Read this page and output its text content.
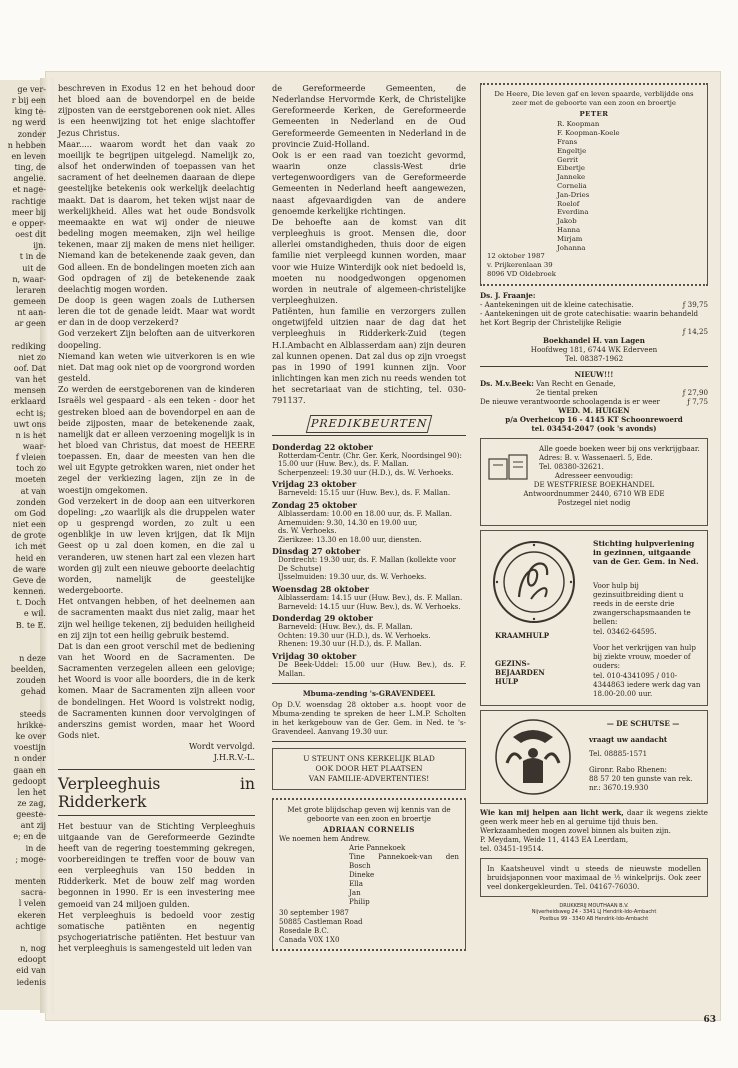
ge ver-

r bij een

king te-

ng werd

zonder

n hebben

en leven

ting, de

angelie.

et nage-

rachtige

meer bij

e opper-

oest dit

ijn.

t in de

uit de

n, waar-

leraren

gemeen

nt aan-

ar geen

rediking

niet zo

oof. Dat

van het

mensen

erklaard

echt is;

uwt ons

n is het

waar-

f vleien

toch zo

moeten

at van

zonden

om God

niet een

de grote

ich met

heid en

de ware

Geve de

kennen.

t. Doch

e wil.

B. te E.

n deze

beelden,

zouden

gehad

steeds

hrikke-

ke over

voestijn

n onder

gaan en

gedoopt

len het

ze zag,

geeste-

ant zij

e; en de

in de

; moge-

menten

sacra-

l velen

ekeren

achtige

n, nog

edoopt

eid van

iedenis

beschreven in Exodus 12 en het behoud door het bloed aan de bovendorpel en de beide zijposten van de eerstgeborenen ook niet. Alles is een heenwijzing tot het enige slachtoffer Jezus Christus.

Maar..... waarom wordt het dan vaak zo moeilijk te begrijpen uitgelegd. Namelijk zo, alsof het onderwinden of toepassen van het sacrament of het deelnemen daaraan de diepe geestelijke betekenis ook werkelijk deelachtig maakt. Dat is daarom, het teken wijst naar de werkelijkheid. Alles wat het oude Bondsvolk meemaakte en wat wij onder de nieuwe bedeling mogen meemaken, zijn wel heilige tekenen, maar zij maken de mens niet heiliger. Niemand kan de betekenende zaak geven, dan God alleen. En de bondelingen moeten zich aan God opdragen of zij de betekenende zaak deelachtig mogen worden.

De doop is geen wagen zoals de Luthersen leren die tot de genade leidt. Maar wat wordt er dan in de doop verzekerd?

God verzekert Zijn beloften aan de uitverkoren doopeling.

Niemand kan weten wie uitverkoren is en wie niet. Dat mag ook niet op de voorgrond worden gesteld.

Zo werden de eerstgeborenen van de kinderen Israëls wel gespaard - als een teken - door het gestreken bloed aan de bovendorpel en aan de beide zijposten, maar de betekenende zaak, namelijk dat er alleen verzoening mogelijk is in het bloed van Christus, dat moest de HEERE toepassen. En, daar de meesten van hen die wel uit Egypte getrokken waren, niet onder het zegel der verkiezing lagen, zijn ze in de woestijn omgekomen.

God verzekert in de doop aan een uitverkoren dopeling: „zo waarlijk als die druppelen water op u gesprengd worden, zo zult u een ogenblikje in uw leven krijgen, dat Ik Mijn Geest op u zal doen komen, en die zal u veranderen, uw stenen hart zal een vlezen hart worden gij zult een nieuwe geboorte deelachtig worden, namelijk de geestelijke wedergeboorte.

Het ontvangen hebben, of het deelnemen aan de sacramenten maakt dus niet zalig, maar het zijn wel heilige tekenen, zij beduiden heiligheid en zij zijn tot een heilig gebruik bestemd.

Dat is dan een groot verschil met de bediening van het Woord en de Sacramenten. De Sacramenten verzegelen alleen een gelovige; het Woord is voor alle boorders, die in de kerk komen. Maar de Sacramenten zijn alleen voor de bondelingen. Het Woord is volstrekt nodig, de Sacramenten kunnen door vervolgingen of anderszins gemist worden, maar het Woord Gods niet.

Wordt vervolgd.

J.H.R.V.-L.

Verpleeghuis in Ridderkerk

Het bestuur van de Stichting Verpleeghuis uitgaande van de Gereformeerde Gezindte heeft van de regering toestemming gekregen, voorbereidingen te treffen voor de bouw van een verpleeghuis van 150 bedden in Ridderkerk. Met de bouw zelf mag worden begonnen in 1990. Er is een investering mee gemoeid van 24 miljoen gulden.

Het verpleeghuis is bedoeld voor zestig somatische patiënten en negentig psychogeriatrische patiënten. Het bestuur van het verpleeghuis is samengesteld uit leden van

de Gereformeerde Gemeenten, de Nederlandse Hervormde Kerk, de Christelijke Gereformeerde Kerken, de Gereformeerde Gemeenten in Nederland en de Oud Gereformeerde Gemeenten in Nederland in de provincie Zuid-Holland.

Ook is er een raad van toezicht gevormd, waarin onze classis-West drie vertegenwoordigers van de Gereformeerde Gemeenten in Nederland heeft aangewezen, naast afgevaardigden van de andere genoemde kerkelijke richtingen.

De behoefte aan de komst van dit verpleeghuis is groot. Mensen die, door allerlei omstandigheden, thuis door de eigen familie niet verpleegd kunnen worden, maar voor wie Huize Winterdijk ook niet bedoeld is, moeten nu noodgedwongen opgenomen worden in neutrale of algemeen-christelijke verpleeghuizen.

Patiënten, hun familie en verzorgers zullen ongetwijfeld uitzien naar de dag dat het verpleeghuis in Ridderkerk-Zuid (tegen H.I.Ambacht en Alblasserdam aan) zijn deuren zal kunnen openen. Dat zal dus op zijn vroegst pas in 1990 of 1991 kunnen zijn. Voor inlichtingen kan men zich nu reeds wenden tot het secretariaat van de stichting, tel. 030-791137.

PREDIKBEURTEN
Donderdag 22 oktober
Rotterdam-Centr. (Chr. Ger. Kerk, Noordsingel 90):
15.00 uur (Huw. Bev.), ds. F. Mallan.
Scherpenzeel: 19.30 uur (H.D.), ds. W. Verhoeks.
Vrijdag 23 oktober
Barneveld: 15.15 uur (Huw. Bev.), ds. F. Mallan.
Zondag 25 oktober
Alblasserdam: 10.00 en 18.00 uur, ds. F. Mallan.
Arnemuiden: 9.30, 14.30 en 19.00 uur,
ds. W. Verhoeks.
Zierikzee: 13.30 en 18.00 uur, diensten.
Dinsdag 27 oktober
Dordrecht: 19.30 uur, ds. F. Mallan (kollekte voor
De Schutse)
IJsselmuiden: 19.30 uur, ds. W. Verhoeks.
Woensdag 28 oktober
Alblasserdam: 14.15 uur (Huw. Bev.), ds. F. Mallan.
Barneveld: 14.15 uur (Huw. Bev.), ds. W. Verhoeks.
Donderdag 29 oktober
Barneveld: (Huw. Bev.), ds. F. Mallan.
Ochten: 19.30 uur (H.D.), ds. W. Verhoeks.
Rhenen: 19.30 uur (H.D.), ds. F. Mallan.
Vrijdag 30 oktober
De Beek-Uddel: 15.00 uur (Huw. Bev.), ds. F. Mallan.
Mbuma-zending 's-GRAVENDEEL
Op D.V. woensdag 28 oktober a.s. hoopt voor de Mbuma-zending te spreken de heer L.M.P. Scholten in het kerkgebouw van de Ger. Gem. in Ned. te 's-Gravendeel. Aanvang 19.30 uur.
U STEUNT ONS KERKELIJK BLAD
OOK DOOR HET PLAATSEN
VAN FAMILIE-ADVERTENTIES!
Met grote blijdschap geven wij kennis van de geboorte van een zoon en broertje
ADRIAAN CORNELIS
We noemen hem Andrew.
Arie Pannekoek
Tine Pannekoek-van den Bosch
Dineke
Ella
Jan
Philip
30 september 1987
50885 Castleman Road
Rosedale B.C.
Canada V0X 1X0
De Heere, Die leven gaf en leven spaarde, verblijdde ons zeer met de geboorte van een zoon en broertje
PETER
R. Koopman
F. Koopman-Koele
Frans
Engeltje
Gerrit
Eibertje
Janneke
Cornelia
Jan-Dries
Roelof
Everdina
Jakob
Hanna
Mirjam
Johanna
12 oktober 1987
v. Prijkerenlaan 39
8096 VD Oldebroek
Ds. J. Fraanje:
- Aantekeningen uit de kleine catechisatie.	ƒ 39,75
- Aantekeningen uit de grote catechisatie: waarin behandeld het Kort Begrip der Christelijke Religie
ƒ 14,25
Boekhandel H. van Lagen
Hoofdweg 181, 6744 WK Ederveen
Tel. 08387-1962
NIEUW!!!
Ds. M.v.Beek: Van Recht en Genade,
2e tiental preken	ƒ 27,90
De nieuwe verantwoorde schoolagenda is er weer	ƒ 7,75
WED. M. HUIGEN
p/a Overheicop 16 - 4145 KT Schoonrewoerd
tel. 03454-2047 (ook 's avonds)
Alle goede boeken weer bij ons verkrijgbaar.
Adres: B. v. Wassenaerl. 5, Ede.
Tel. 08380-32621.
Adresseer eenvoudig:
DE WESTFRIESE BOEKHANDEL
Antwoordnummer 2440, 6710 WB EDE
Postzegel niet nodig
Stichting hulpverlening in gezinnen, uitgaande van de Ger. Gem. in Ned.
Voor hulp bij gezinsuitbreiding dient u reeds in de eerste drie zwangerschapsmaanden te bellen:
tel. 03462-64595.
KRAAMHULP
GEZINS-
BEJAARDEN
HULP
Voor het verkrijgen van hulp bij ziekte vrouw, moeder of ouders:
tel. 010-4341095 / 010-4344863 iedere werk dag van 18.00-20.00 uur.
— DE SCHUTSE —
vraagt uw aandacht
Tel. 08885-1571
Gironr. Rabo Rhenen:
88 57 20 ten gunste van rek. nr.: 3670.19.930
Wie kan mij helpen aan licht werk, daar ik wegens ziekte geen werk meer heb en al geruime tijd thuis ben.
Werkzaamheden mogen zowel binnen als buiten zijn.
P. Meydam, Weide 11, 4143 EA Leerdam,
tel. 03451-19514.
In Kaatsheuvel vindt u steeds de nieuwste modellen bruidsjaponnen voor maximaal de ½ winkelprijs. Ook zeer veel donkergekleurden. Tel. 04167-76030.
DRUKKERIJ MOUTHAAN B.V.
Nijverheidsweg 24 - 3341 LJ Hendrik-Ido-Ambacht
Postbus 99 - 3340 AB Hendrik-Ido-Ambacht
63
